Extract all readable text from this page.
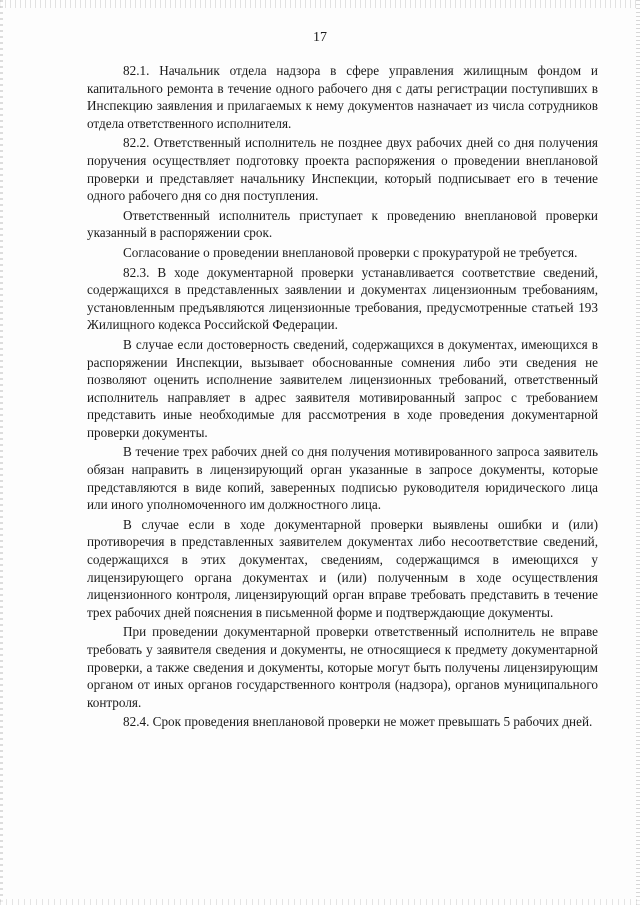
17

82.1. Начальник отдела надзора в сфере управления жилищным фондом и капитального ремонта в течение одного рабочего дня с даты регистрации поступивших в Инспекцию заявления и прилагаемых к нему документов назначает из числа сотрудников отдела ответственного исполнителя.

82.2. Ответственный исполнитель не позднее двух рабочих дней со дня получения поручения осуществляет подготовку проекта распоряжения о проведении внеплановой проверки и представляет начальнику Инспекции, который подписывает его в течение одного рабочего дня со дня поступления.

Ответственный исполнитель приступает к проведению внеплановой проверки указанный в распоряжении срок.

Согласование о проведении внеплановой проверки с прокуратурой не требуется.

82.3. В ходе документарной проверки устанавливается соответствие сведений, содержащихся в представленных заявлении и документах лицензионным требованиям, установленным предъявляются лицензионные требования, предусмотренные статьей 193 Жилищного кодекса Российской Федерации.

В случае если достоверность сведений, содержащихся в документах, имеющихся в распоряжении Инспекции, вызывает обоснованные сомнения либо эти сведения не позволяют оценить исполнение заявителем лицензионных требований, ответственный исполнитель направляет в адрес заявителя мотивированный запрос с требованием представить иные необходимые для рассмотрения в ходе проведения документарной проверки документы.

В течение трех рабочих дней со дня получения мотивированного запроса заявитель обязан направить в лицензирующий орган указанные в запросе документы, которые представляются в виде копий, заверенных подписью руководителя юридического лица или иного уполномоченного им должностного лица.

В случае если в ходе документарной проверки выявлены ошибки и (или) противоречия в представленных заявителем документах либо несоответствие сведений, содержащихся в этих документах, сведениям, содержащимся в имеющихся у лицензирующего органа документах и (или) полученным в ходе осуществления лицензионного контроля, лицензирующий орган вправе требовать представить в течение трех рабочих дней пояснения в письменной форме и подтверждающие документы.

При проведении документарной проверки ответственный исполнитель не вправе требовать у заявителя сведения и документы, не относящиеся к предмету документарной проверки, а также сведения и документы, которые могут быть получены лицензирующим органом от иных органов государственного контроля (надзора), органов муниципального контроля.

82.4. Срок проведения внеплановой проверки не может превышать 5 рабочих дней.
